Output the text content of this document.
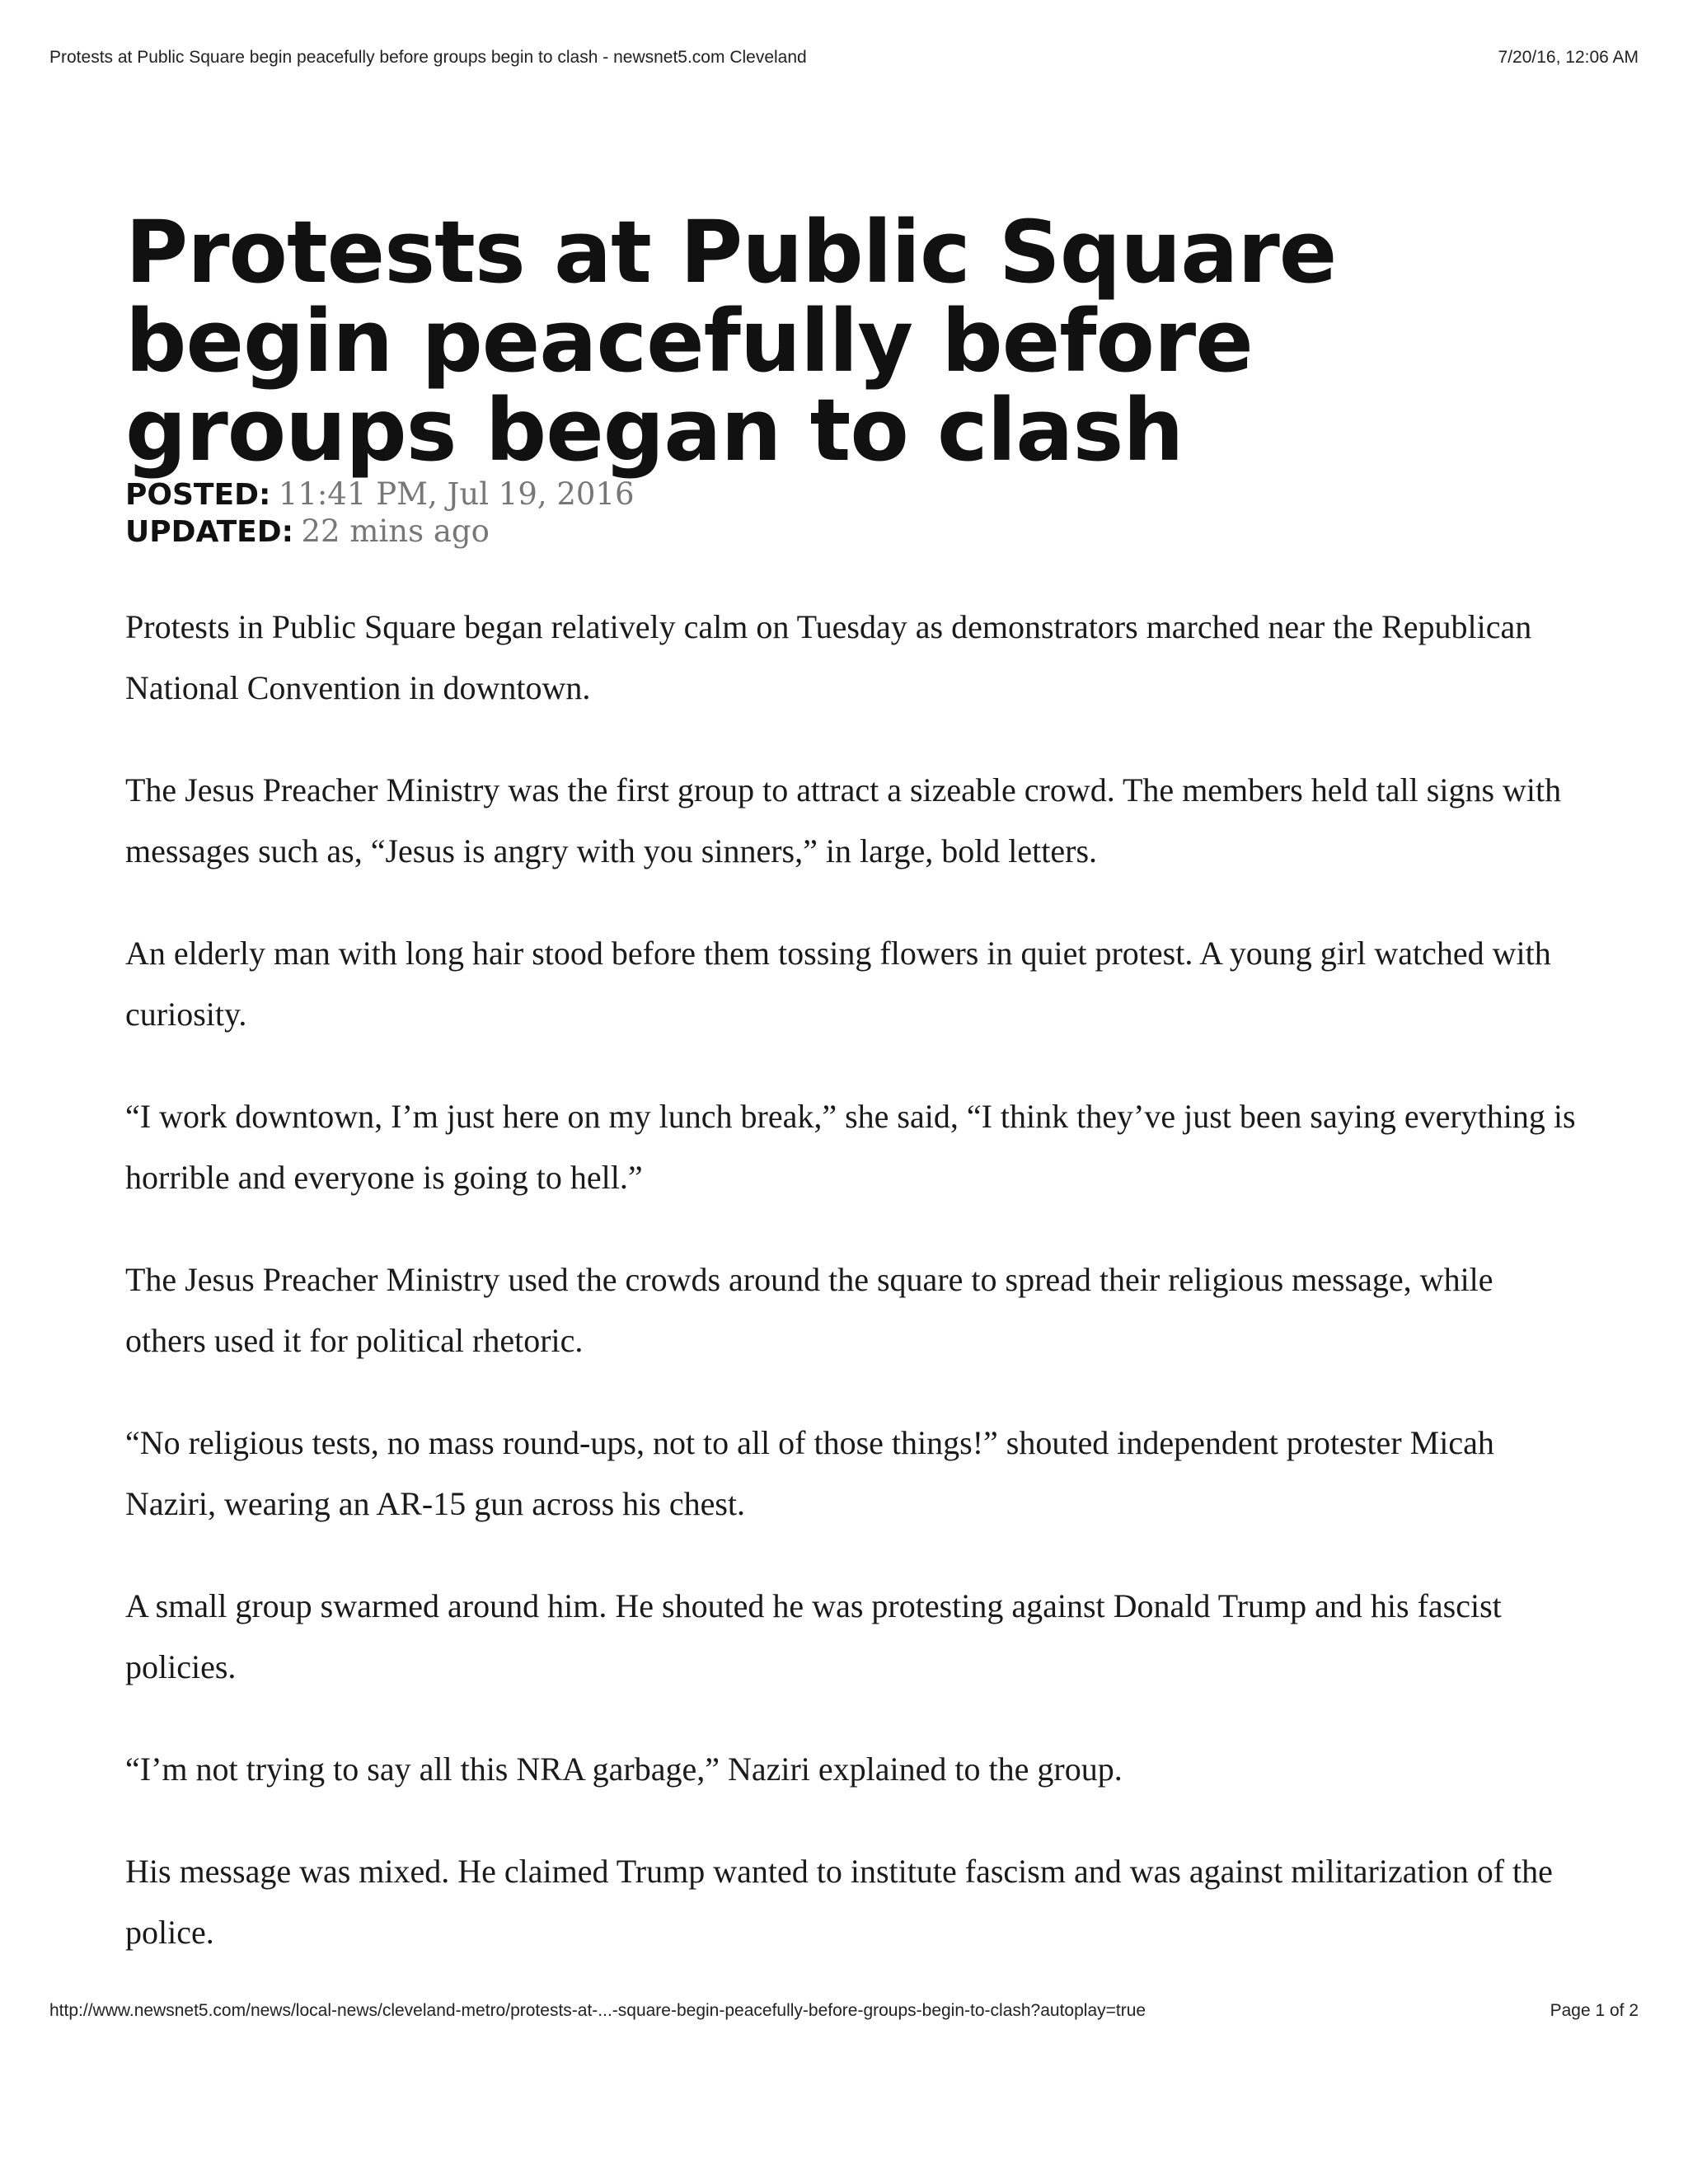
Protests at Public Square begin peacefully before groups begin to clash - newsnet5.com Cleveland	7/20/16, 12:06 AM
Protests at Public Square begin peacefully before groups began to clash
POSTED: 11:41 PM, Jul 19, 2016
UPDATED: 22 mins ago

Protests in Public Square began relatively calm on Tuesday as demonstrators marched near the Republican National Convention in downtown.

The Jesus Preacher Ministry was the first group to attract a sizeable crowd. The members held tall signs with messages such as, “Jesus is angry with you sinners,” in large, bold letters.

An elderly man with long hair stood before them tossing flowers in quiet protest. A young girl watched with curiosity.

“I work downtown, I’m just here on my lunch break,” she said, “I think they’ve just been saying everything is horrible and everyone is going to hell.”

The Jesus Preacher Ministry used the crowds around the square to spread their religious message, while others used it for political rhetoric.

“No religious tests, no mass round-ups, not to all of those things!” shouted independent protester Micah Naziri, wearing an AR-15 gun across his chest.

A small group swarmed around him. He shouted he was protesting against Donald Trump and his fascist policies.

“I’m not trying to say all this NRA garbage,” Naziri explained to the group.

His message was mixed. He claimed Trump wanted to institute fascism and was against militarization of the police.

http://www.newsnet5.com/news/local-news/cleveland-metro/protests-at-...-square-begin-peacefully-before-groups-begin-to-clash?autoplay=true	Page 1 of 2
